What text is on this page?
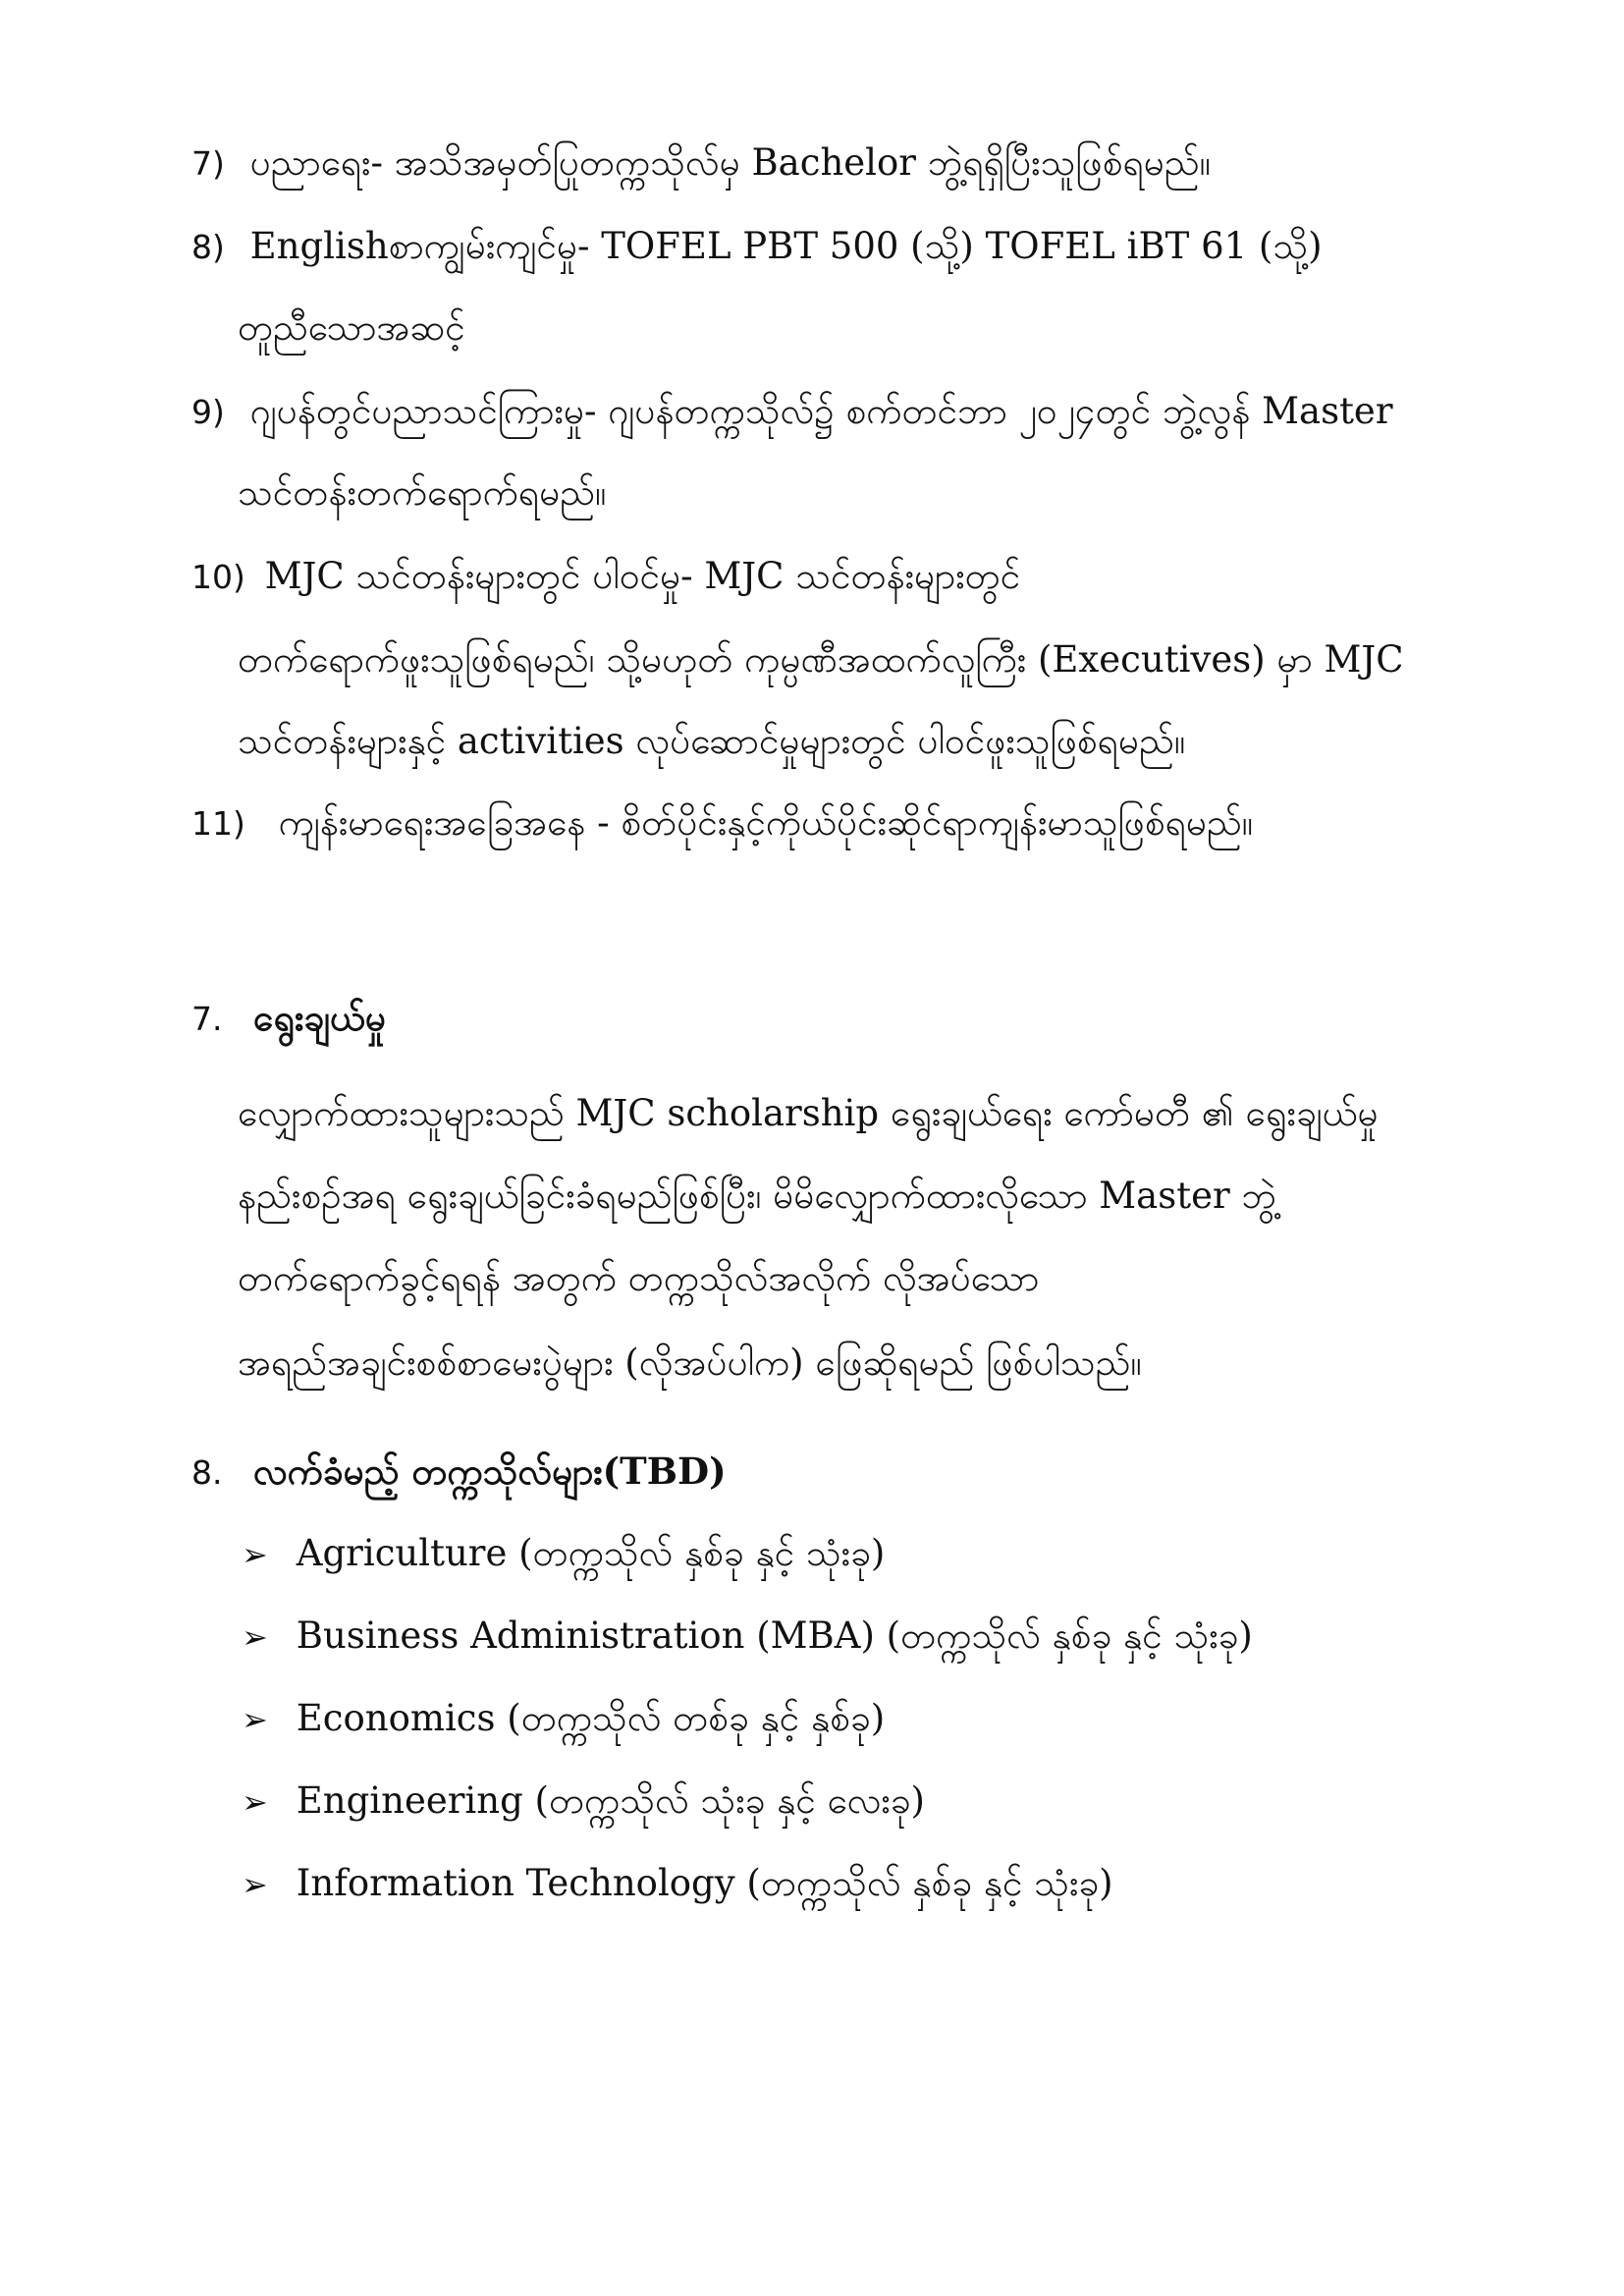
7) ပညာရေး- အသိအမှတ်ပြုတက္ကသိုလ်မှ Bachelor ဘွဲ့ရရှိပြီးသူဖြစ်ရမည်။
8) Englishစာကျွမ်းကျင်မှု- TOFEL PBT 500 (သို့) TOFEL iBT 61 (သို့)
တူညီသောအဆင့်
9) ဂျပန်တွင်ပညာသင်ကြားမှု- ဂျပန်တက္ကသိုလ်၌ စက်တင်ဘာ ၂၀၂၄တွင် ဘွဲ့လွန် Master
သင်တန်းတက်ရောက်ရမည်။
10) MJC သင်တန်းများတွင် ပါဝင်မှု- MJC သင်တန်းများတွင်
တက်ရောက်ဖူးသူဖြစ်ရမည်၊ သို့မဟုတ် ကုမ္ပဏီအထက်လူကြီး (Executives) မှာ MJC
သင်တန်းများနှင့် activities လုပ်ဆောင်မှုများတွင် ပါဝင်ဖူးသူဖြစ်ရမည်။
11) ကျန်းမာရေးအခြေအနေ - စိတ်ပိုင်းနှင့်ကိုယ်ပိုင်းဆိုင်ရာကျန်းမာသူဖြစ်ရမည်။
7. ရွေးချယ်မှု
လျှောက်ထားသူများသည် MJC scholarship ရွေးချယ်ရေး ကော်မတီ ၏ ရွေးချယ်မှု
နည်းစဉ်အရ ရွေးချယ်ခြင်းခံရမည်ဖြစ်ပြီး၊ မိမိလျှောက်ထားလိုသော Master ဘွဲ့
တက်ရောက်ခွင့်ရရန် အတွက် တက္ကသိုလ်အလိုက် လိုအပ်သော
အရည်အချင်းစစ်စာမေးပွဲများ (လိုအပ်ပါက) ဖြေဆိုရမည် ဖြစ်ပါသည်။
8. လက်ခံမည့် တက္ကသိုလ်များ(TBD)
➢ Agriculture (တက္ကသိုလ် နှစ်ခု နှင့် သုံးခု)
➢ Business Administration (MBA) (တက္ကသိုလ် နှစ်ခု နှင့် သုံးခု)
➢ Economics (တက္ကသိုလ် တစ်ခု နှင့် နှစ်ခု)
➢ Engineering (တက္ကသိုလ် သုံးခု နှင့် လေးခု)
➢ Information Technology (တက္ကသိုလ် နှစ်ခု နှင့် သုံးခု)
